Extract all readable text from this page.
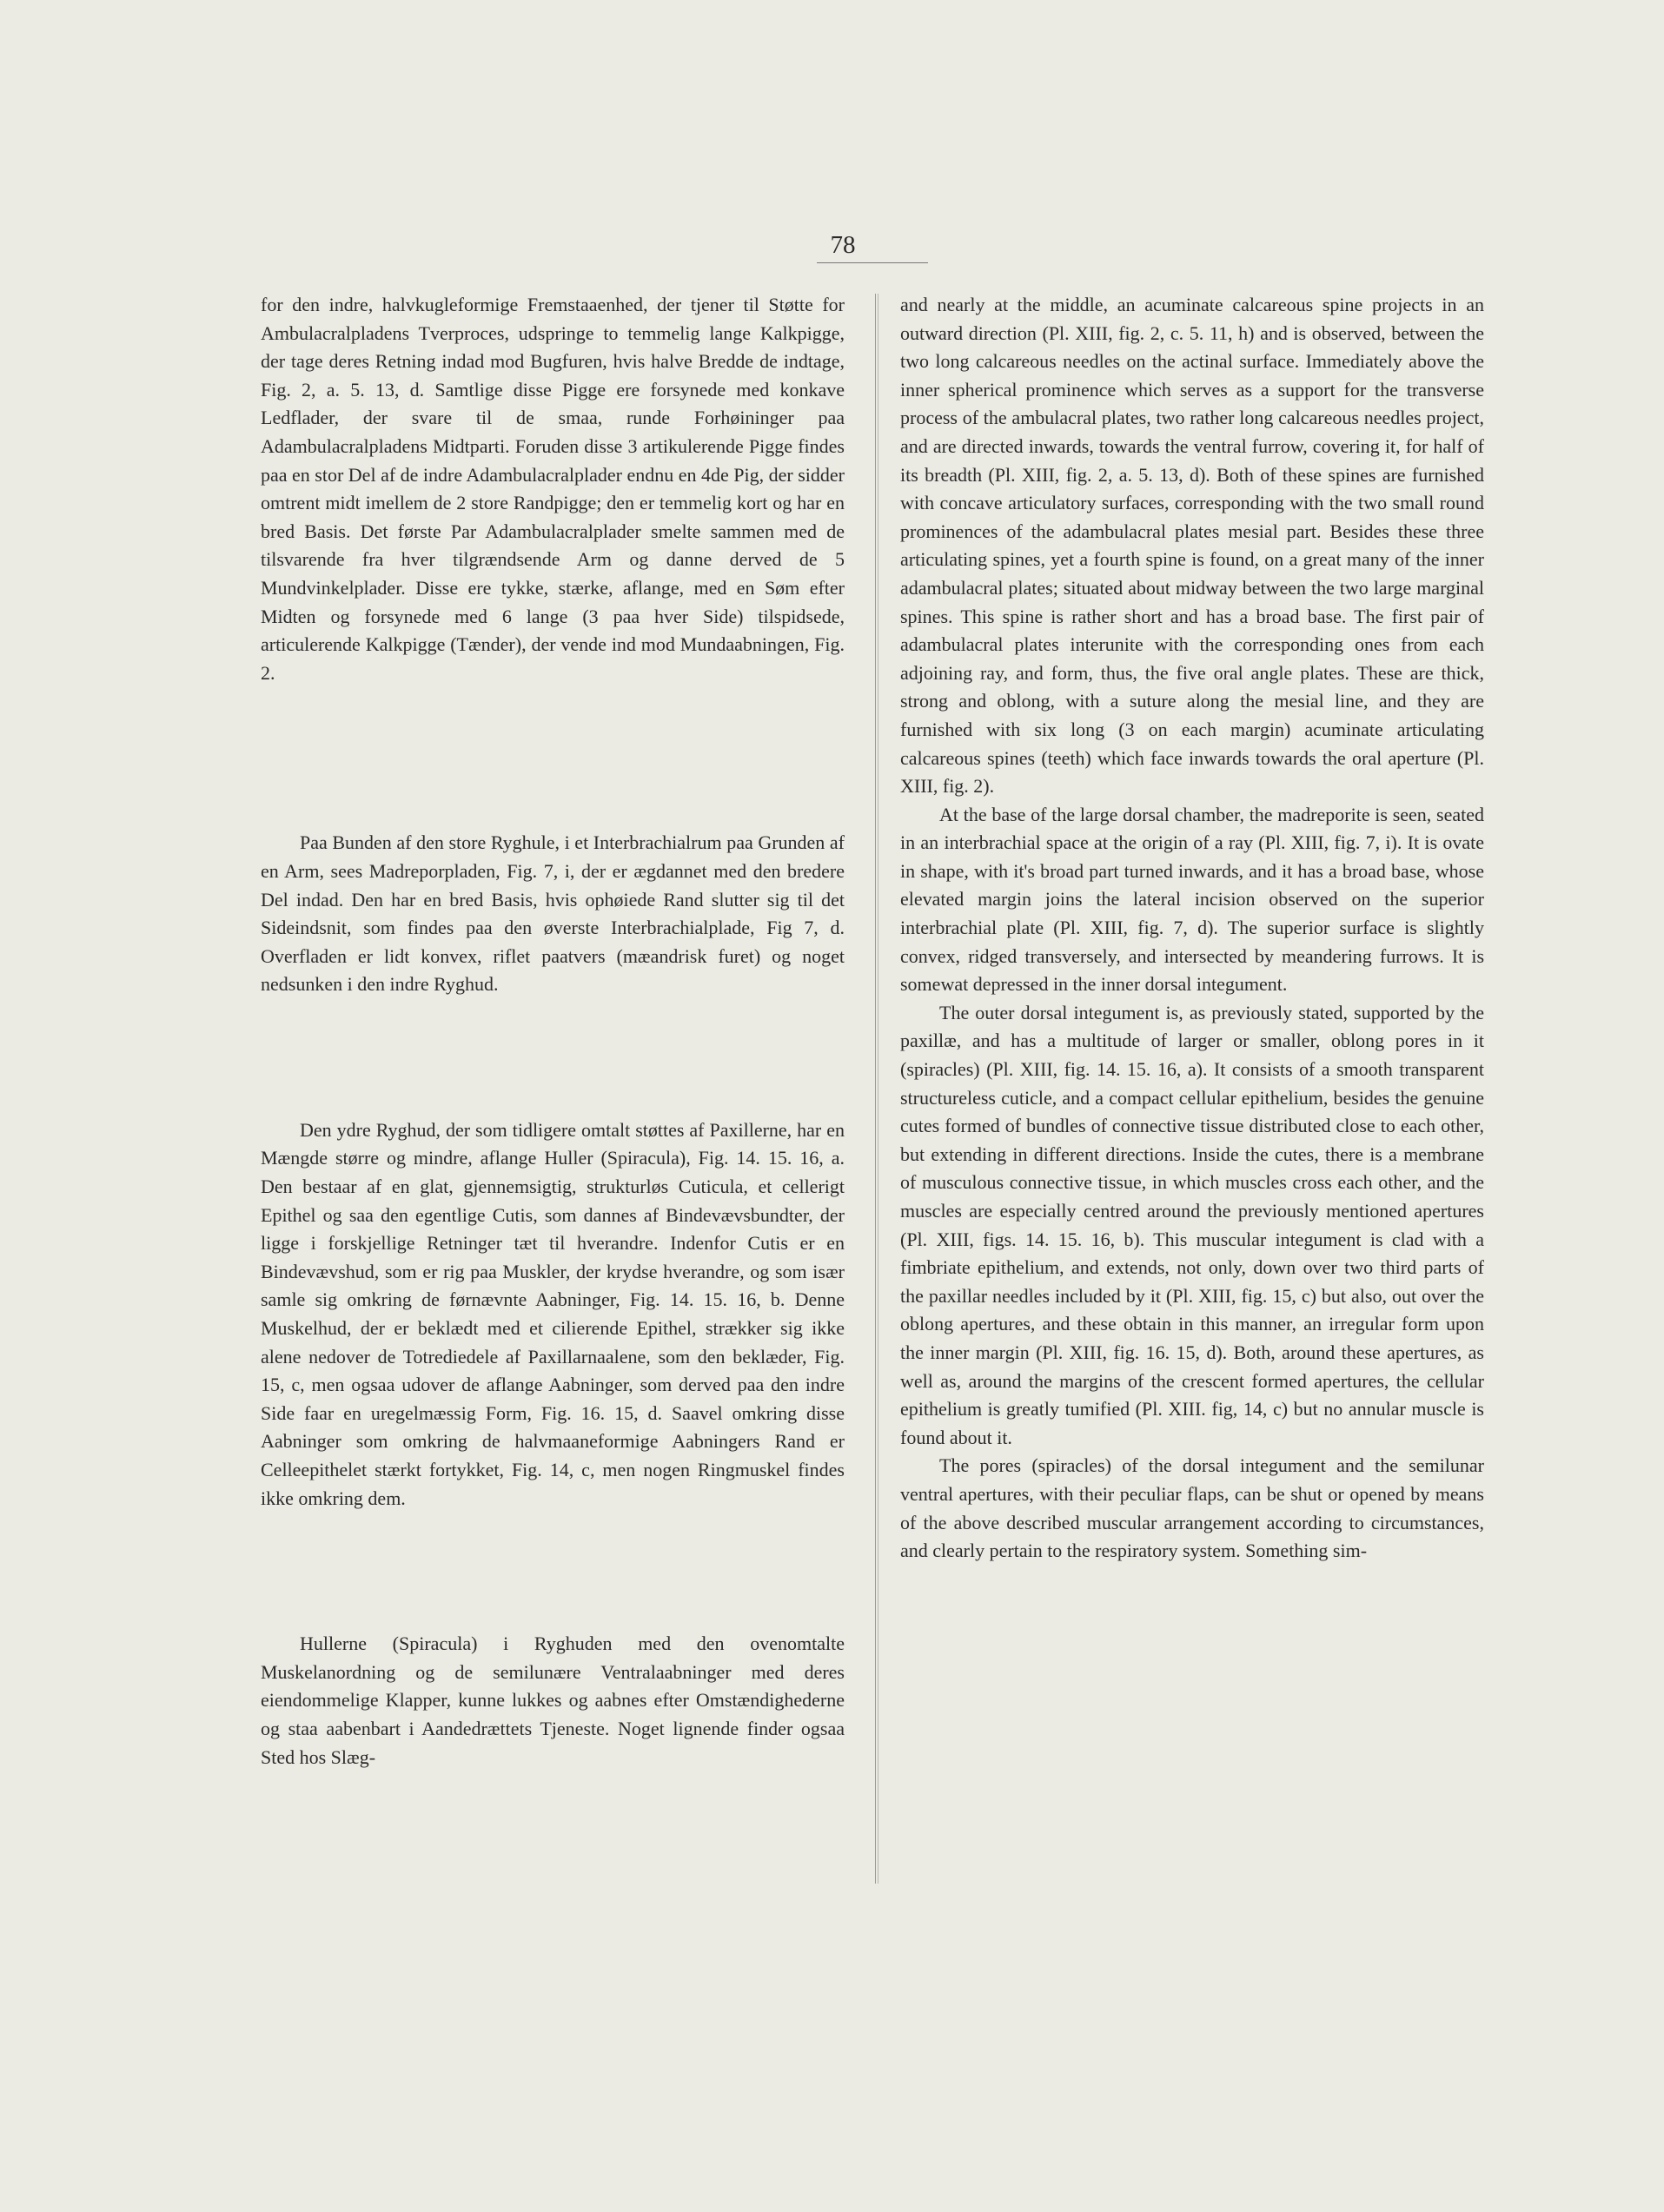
78

for den indre, halvkugleformige Fremstaaenhed, der tjener til Støtte for Ambulacralpladens Tverproces, udspringe to temmelig lange Kalkpigge, der tage deres Retning indad mod Bugfuren, hvis halve Bredde de indtage, Fig. 2, a. 5. 13, d. Samtlige disse Pigge ere forsynede med konkave Ledflader, der svare til de smaa, runde Forhøininger paa Adambulacralpladens Midtparti. Foruden disse 3 artikulerende Pigge findes paa en stor Del af de indre Adambulacralplader endnu en 4de Pig, der sidder omtrent midt imellem de 2 store Randpigge; den er temmelig kort og har en bred Basis. Det første Par Adambulacralplader smelte sammen med de tilsvarende fra hver tilgrændsende Arm og danne derved de 5 Mundvinkelplader. Disse ere tykke, stærke, aflange, med en Søm efter Midten og forsynede med 6 lange (3 paa hver Side) tilspidsede, articulerende Kalkpigge (Tænder), der vende ind mod Mundaabningen, Fig. 2.

Paa Bunden af den store Ryghule, i et Interbrachialrum paa Grunden af en Arm, sees Madreporpladen, Fig. 7, i, der er ægdannet med den bredere Del indad. Den har en bred Basis, hvis ophøiede Rand slutter sig til det Sideindsnit, som findes paa den øverste Interbrachialplade, Fig 7, d. Overfladen er lidt konvex, riflet paatvers (mæandrisk furet) og noget nedsunken i den indre Ryghud.

Den ydre Ryghud, der som tidligere omtalt støttes af Paxillerne, har en Mængde større og mindre, aflange Huller (Spiracula), Fig. 14. 15. 16, a. Den bestaar af en glat, gjennemsigtig, strukturløs Cuticula, et cellerigt Epithel og saa den egentlige Cutis, som dannes af Bindevævsbundter, der ligge i forskjellige Retninger tæt til hverandre. Indenfor Cutis er en Bindevævshud, som er rig paa Muskler, der krydse hverandre, og som især samle sig omkring de førnævnte Aabninger, Fig. 14. 15. 16, b. Denne Muskelhud, der er beklædt med et cilierende Epithel, strækker sig ikke alene nedover de Totrediedele af Paxillarnaalene, som den beklæder, Fig. 15, c, men ogsaa udover de aflange Aabninger, som derved paa den indre Side faar en uregelmæssig Form, Fig. 16. 15, d. Saavel omkring disse Aabninger som omkring de halvmaaneformige Aabningers Rand er Celleepithelet stærkt fortykket, Fig. 14, c, men nogen Ringmuskel findes ikke omkring dem.

Hullerne (Spiracula) i Ryghuden med den ovenomtalte Muskelanordning og de semilunære Ventralaabninger med deres eiendommelige Klapper, kunne lukkes og aabnes efter Omstændighederne og staa aabenbart i Aandedrættets Tjeneste. Noget lignende finder ogsaa Sted hos Slæg-

and nearly at the middle, an acuminate calcareous spine projects in an outward direction (Pl. XIII, fig. 2, c. 5. 11, h) and is observed, between the two long calcareous needles on the actinal surface. Immediately above the inner spherical prominence which serves as a support for the transverse process of the ambulacral plates, two rather long calcareous needles project, and are directed inwards, towards the ventral furrow, covering it, for half of its breadth (Pl. XIII, fig. 2, a. 5. 13, d). Both of these spines are furnished with concave articulatory surfaces, corresponding with the two small round prominences of the adambulacral plates mesial part. Besides these three articulating spines, yet a fourth spine is found, on a great many of the inner adambulacral plates; situated about midway between the two large marginal spines. This spine is rather short and has a broad base. The first pair of adambulacral plates interunite with the corresponding ones from each adjoining ray, and form, thus, the five oral angle plates. These are thick, strong and oblong, with a suture along the mesial line, and they are furnished with six long (3 on each margin) acuminate articulating calcareous spines (teeth) which face inwards towards the oral aperture (Pl. XIII, fig. 2).

At the base of the large dorsal chamber, the madreporite is seen, seated in an interbrachial space at the origin of a ray (Pl. XIII, fig. 7, i). It is ovate in shape, with it's broad part turned inwards, and it has a broad base, whose elevated margin joins the lateral incision observed on the superior interbrachial plate (Pl. XIII, fig. 7, d). The superior surface is slightly convex, ridged transversely, and intersected by meandering furrows. It is somewat depressed in the inner dorsal integument.

The outer dorsal integument is, as previously stated, supported by the paxillæ, and has a multitude of larger or smaller, oblong pores in it (spiracles) (Pl. XIII, fig. 14. 15. 16, a). It consists of a smooth transparent structureless cuticle, and a compact cellular epithelium, besides the genuine cutes formed of bundles of connective tissue distributed close to each other, but extending in different directions. Inside the cutes, there is a membrane of musculous connective tissue, in which muscles cross each other, and the muscles are especially centred around the previously mentioned apertures (Pl. XIII, figs. 14. 15. 16, b). This muscular integument is clad with a fimbriate epithelium, and extends, not only, down over two third parts of the paxillar needles included by it (Pl. XIII, fig. 15, c) but also, out over the oblong apertures, and these obtain in this manner, an irregular form upon the inner margin (Pl. XIII, fig. 16. 15, d). Both, around these apertures, as well as, around the margins of the crescent formed apertures, the cellular epithelium is greatly tumified (Pl. XIII. fig, 14, c) but no annular muscle is found about it.

The pores (spiracles) of the dorsal integument and the semilunar ventral apertures, with their peculiar flaps, can be shut or opened by means of the above described muscular arrangement according to circumstances, and clearly pertain to the respiratory system. Something sim-
